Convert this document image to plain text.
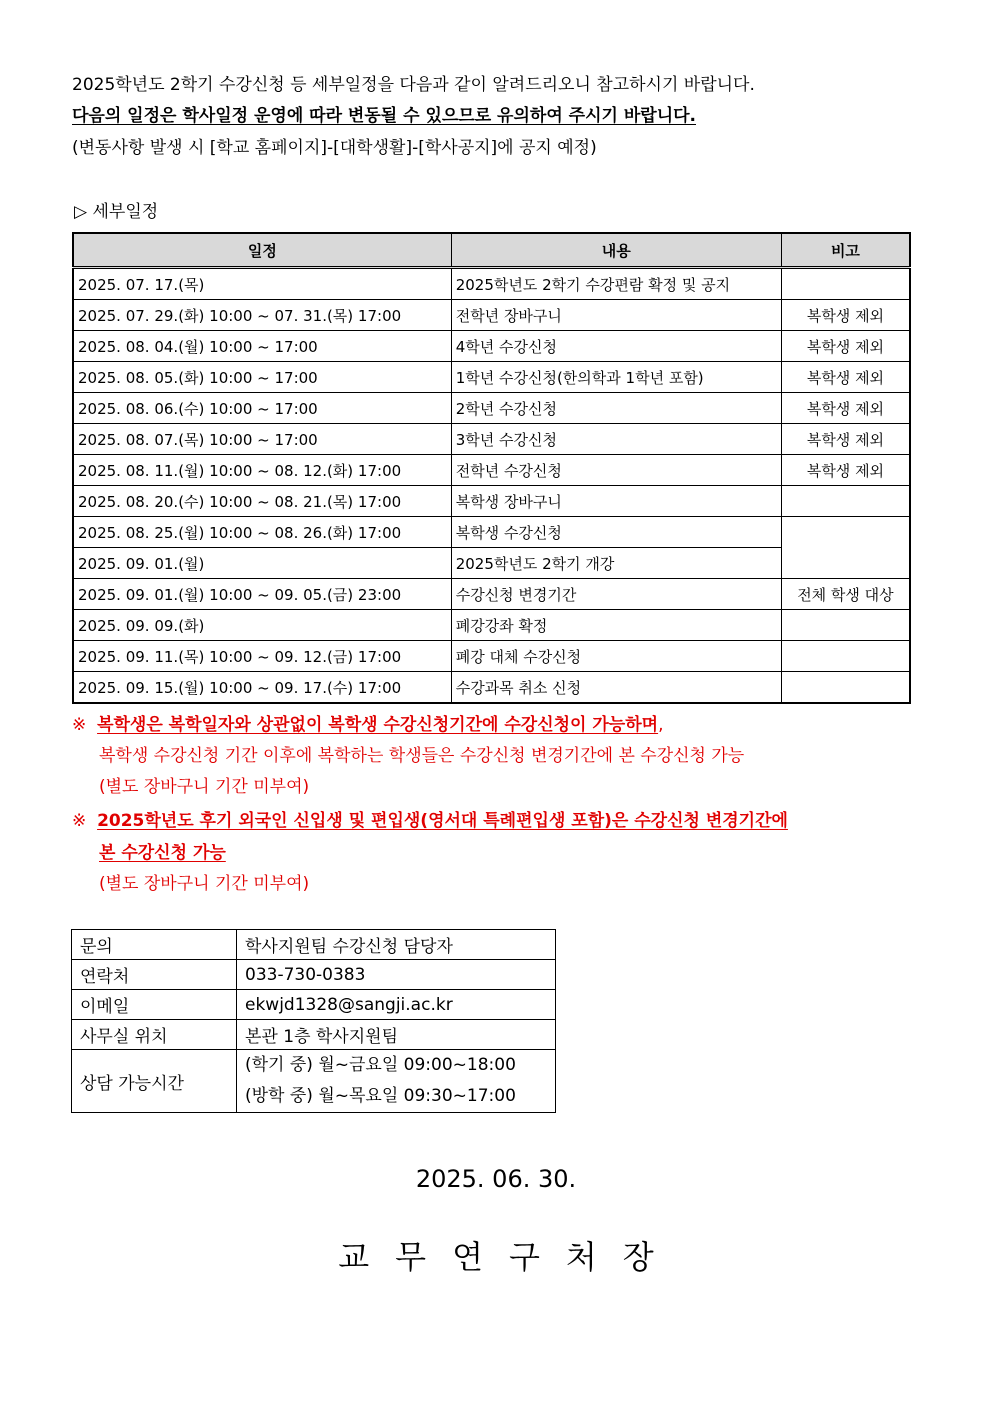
2025학년도 2학기 수강신청 등 세부일정을 다음과 같이 알려드리오니 참고하시기 바랍니다.
다음의 일정은 학사일정 운영에 따라 변동될 수 있으므로 유의하여 주시기 바랍니다.
(변동사항 발생 시 [학교 홈페이지]-[대학생활]-[학사공지]에 공지 예정)
▷ 세부일정
일정	내용	비고
2025. 07. 17.(목)	2025학년도 2학기 수강편람 확정 및 공지	
2025. 07. 29.(화) 10:00 ~ 07. 31.(목) 17:00	전학년 장바구니	복학생 제외
2025. 08. 04.(월) 10:00 ~ 17:00	4학년 수강신청	복학생 제외
2025. 08. 05.(화) 10:00 ~ 17:00	1학년 수강신청(한의학과 1학년 포함)	복학생 제외
2025. 08. 06.(수) 10:00 ~ 17:00	2학년 수강신청	복학생 제외
2025. 08. 07.(목) 10:00 ~ 17:00	3학년 수강신청	복학생 제외
2025. 08. 11.(월) 10:00 ~ 08. 12.(화) 17:00	전학년 수강신청	복학생 제외
2025. 08. 20.(수) 10:00 ~ 08. 21.(목) 17:00	복학생 장바구니	
2025. 08. 25.(월) 10:00 ~ 08. 26.(화) 17:00	복학생 수강신청	
2025. 09. 01.(월)	2025학년도 2학기 개강	
2025. 09. 01.(월) 10:00 ~ 09. 05.(금) 23:00	수강신청 변경기간	전체 학생 대상
2025. 09. 09.(화)	폐강강좌 확정	
2025. 09. 11.(목) 10:00 ~ 09. 12.(금) 17:00	폐강 대체 수강신청	
2025. 09. 15.(월) 10:00 ~ 09. 17.(수) 17:00	수강과목 취소 신청	
※ 복학생은 복학일자와 상관없이 복학생 수강신청기간에 수강신청이 가능하며,
복학생 수강신청 기간 이후에 복학하는 학생들은 수강신청 변경기간에 본 수강신청 가능
(별도 장바구니 기간 미부여)
※ 2025학년도 후기 외국인 신입생 및 편입생(영서대 특례편입생 포함)은 수강신청 변경기간에
본 수강신청 가능
(별도 장바구니 기간 미부여)
문의	학사지원팀 수강신청 담당자
연락처	033-730-0383
이메일	ekwjd1328@sangji.ac.kr
사무실 위치	본관 1층 학사지원팀
상담 가능시간	(학기 중) 월~금요일 09:00~18:00
(방학 중) 월~목요일 09:30~17:00
2025. 06. 30.
교무연구처장
